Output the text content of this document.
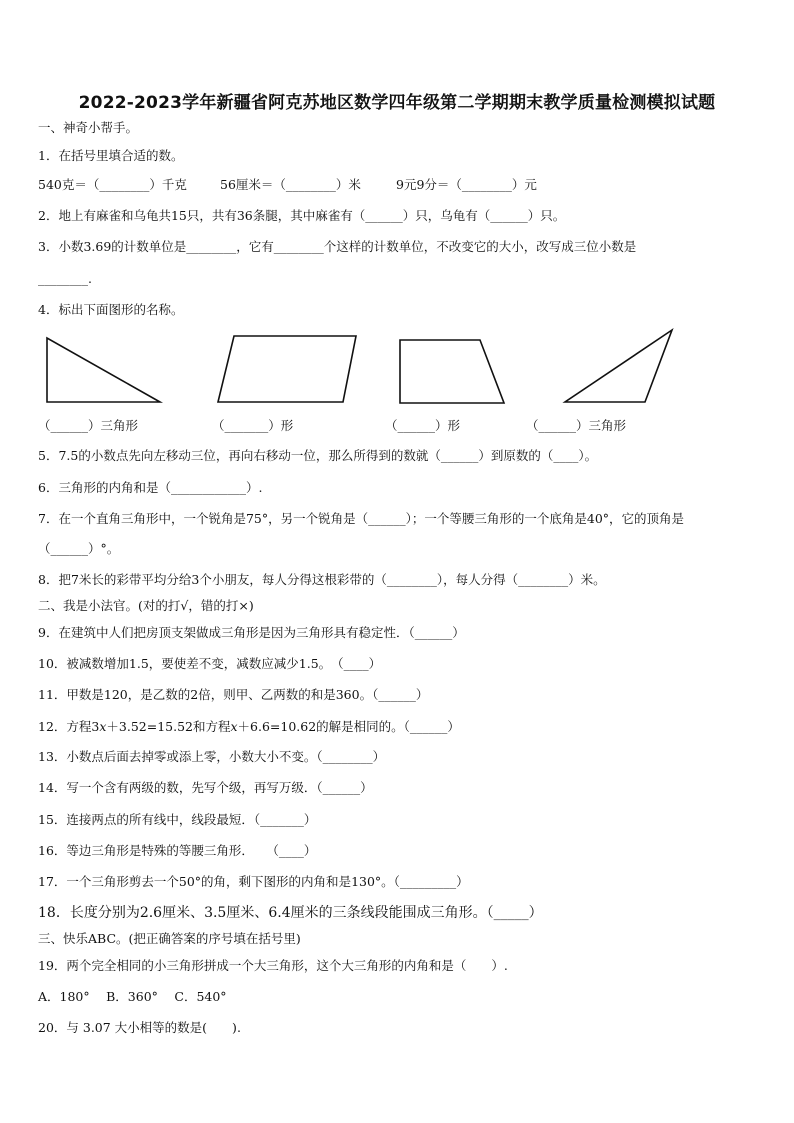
2022-2023学年新疆省阿克苏地区数学四年级第二学期期末教学质量检测模拟试题
一、神奇小帮手。
1．在括号里填合适的数。
540克＝（________）千克	56厘米＝（________）米	9元9分＝（________）元
2．地上有麻雀和乌龟共15只，共有36条腿，其中麻雀有（______）只，乌龟有（______）只。
3．小数3.69的计数单位是________，它有________个这样的计数单位，不改变它的大小，改写成三位小数是
________.
4．标出下面图形的名称。
（______）三角形	（_______）形	（______）形	（______）三角形
5．7.5的小数点先向左移动三位，再向右移动一位，那么所得到的数就（______）到原数的（____）。
6．三角形的内角和是（____________）.
7．在一个直角三角形中，一个锐角是75°，另一个锐角是（______）；一个等腰三角形的一个底角是40°，它的顶角是
（______）°。
8．把7米长的彩带平均分给3个小朋友，每人分得这根彩带的（________），每人分得（________）米。
二、我是小法官。(对的打√，错的打×)
9．在建筑中人们把房顶支架做成三角形是因为三角形具有稳定性．（______）
10．被减数增加1.5，要使差不变，减数应减少1.5。　（____）
11．甲数是120，是乙数的2倍，则甲、乙两数的和是360。（______）
12．方程3𝑥＋3.52=15.52和方程𝑥＋6.6=10.62的解是相同的。（______）
13．小数点后面去掉零或添上零，小数大小不变。（________）
14．写一个含有两级的数，先写个级，再写万级．（______）
15．连接两点的所有线中，线段最短．（_______）
16．等边三角形是特殊的等腰三角形．　　（____）
17．一个三角形剪去一个50°的角，剩下图形的内角和是130°。（_________）
18．长度分别为2.6厘米、3.5厘米、6.4厘米的三条线段能围成三角形。（_____）
三、快乐ABC。(把正确答案的序号填在括号里)
19．两个完全相同的小三角形拼成一个大三角形，这个大三角形的内角和是（　　）.
A．180°　 B．360°　 C．540°
20．与 3.07 大小相等的数是(　　).
